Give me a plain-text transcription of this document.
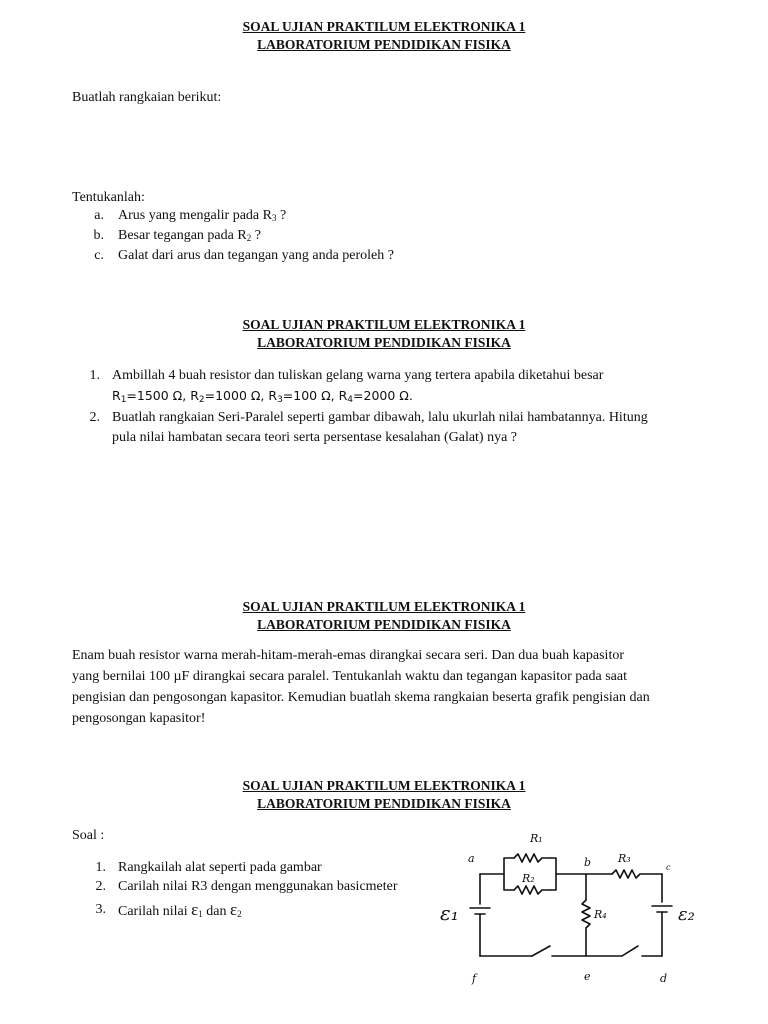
SOAL UJIAN PRAKTILUM ELEKTRONIKA 1
LABORATORIUM PENDIDIKAN FISIKA
Buatlah rangkaian berikut:
Tentukanlah:
a. Arus yang mengalir pada $R_3$ ?
b. Besar tegangan pada $R_2$ ?
c. Galat dari arus dan tegangan yang anda peroleh ?
SOAL UJIAN PRAKTILUM ELEKTRONIKA 1
LABORATORIUM PENDIDIKAN FISIKA
1. Ambillah 4 buah resistor dan tuliskan gelang warna yang tertera apabila diketahui besar
$R_1=1500$ Ω, $R_2=1000$ Ω, $R_3=100$ Ω, $R_4=2000$ Ω.
2. Buatlah rangkaian Seri-Paralel seperti gambar dibawah, lalu ukurlah nilai hambatannya. Hitung
pula nilai hambatan secara teori serta persentase kesalahan (Galat) nya ?
SOAL UJIAN PRAKTILUM ELEKTRONIKA 1
LABORATORIUM PENDIDIKAN FISIKA
Enam buah resistor warna merah-hitam-merah-emas dirangkai secara seri. Dan dua buah kapasitor
yang bernilai 100 µF dirangkai secara paralel. Tentukanlah waktu dan tegangan kapasitor pada saat
pengisian dan pengosongan kapasitor. Kemudian buatlah skema rangkaian beserta grafik pengisian dan
pengosongan kapasitor!
SOAL UJIAN PRAKTILUM ELEKTRONIKA 1
LABORATORIUM PENDIDIKAN FISIKA
Soal :
1. Rangkailah alat seperti pada gambar
2. Carilah nilai R3 dengan menggunakan basicmeter
3. Carilah nilai $\varepsilon_1$ dan $\varepsilon_2$
R₁
R₂
R₃
R₄
a	b	c
d
e
f
ε₁	ε₂
